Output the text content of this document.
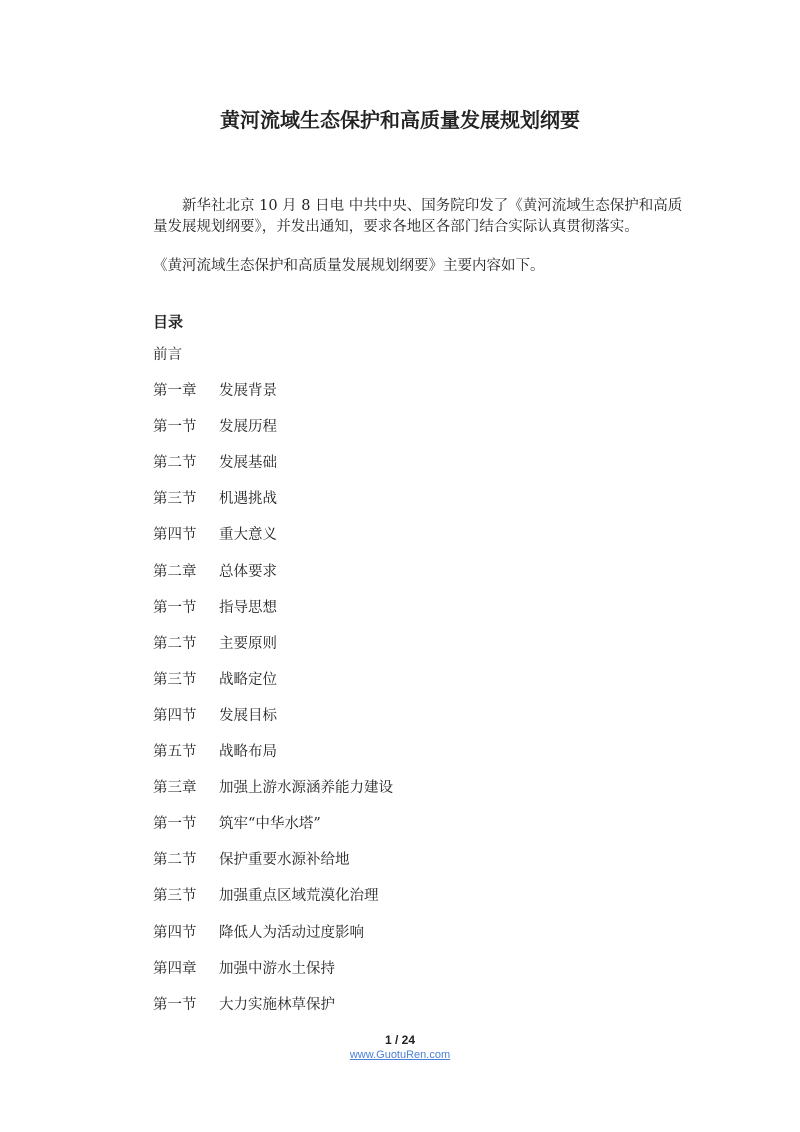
黄河流域生态保护和高质量发展规划纲要
新华社北京 10 月 8 日电 中共中央、国务院印发了《黄河流域生态保护和高质量发展规划纲要》，并发出通知，要求各地区各部门结合实际认真贯彻落实。
《黄河流域生态保护和高质量发展规划纲要》主要内容如下。
目录
前言
第一章	发展背景
第一节	发展历程
第二节	发展基础
第三节	机遇挑战
第四节	重大意义
第二章	总体要求
第一节	指导思想
第二节	主要原则
第三节	战略定位
第四节	发展目标
第五节	战略布局
第三章	加强上游水源涵养能力建设
第一节	筑牢“中华水塔”
第二节	保护重要水源补给地
第三节	加强重点区域荒漠化治理
第四节	降低人为活动过度影响
第四章	加强中游水土保持
第一节	大力实施林草保护
1 / 24
www.GuotuRen.com
